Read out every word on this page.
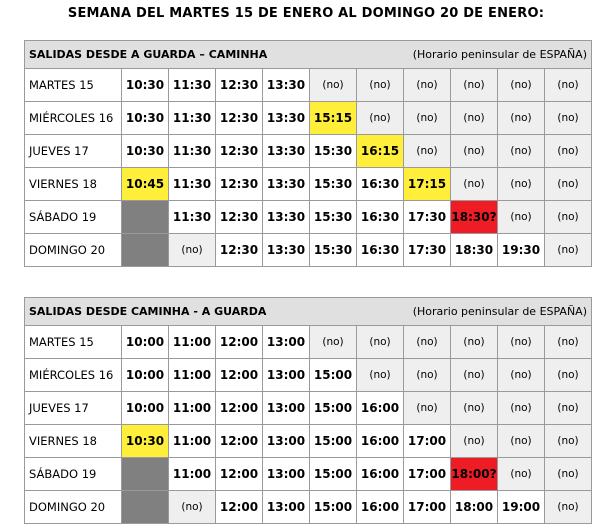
SEMANA DEL MARTES 15 DE ENERO AL DOMINGO 20 DE ENERO:
SALIDAS DESDE A GUARDA – CAMINHA (Horario peninsular de ESPAÑA)										

MARTES 15	10:30	11:30	12:30	13:30	(no)	(no)	(no)	(no)	(no)	(no)
MIÉRCOLES 16	10:30	11:30	12:30	13:30	15:15	(no)	(no)	(no)	(no)	(no)
JUEVES 17	10:30	11:30	12:30	13:30	15:30	16:15	(no)	(no)	(no)	(no)
VIERNES 18	10:45	11:30	12:30	13:30	15:30	16:30	17:15	(no)	(no)	(no)
SÁBADO 19		11:30	12:30	13:30	15:30	16:30	17:30	18:30?	(no)	(no)
DOMINGO 20		(no)	12:30	13:30	15:30	16:30	17:30	18:30	19:30	(no)
SALIDAS DESDE CAMINHA - A GUARDA (Horario peninsular de ESPAÑA)										

MARTES 15	10:00	11:00	12:00	13:00	(no)	(no)	(no)	(no)	(no)	(no)
MIÉRCOLES 16	10:00	11:00	12:00	13:00	15:00	(no)	(no)	(no)	(no)	(no)
JUEVES 17	10:00	11:00	12:00	13:00	15:00	16:00	(no)	(no)	(no)	(no)
VIERNES 18	10:30	11:00	12:00	13:00	15:00	16:00	17:00	(no)	(no)	(no)
SÁBADO 19		11:00	12:00	13:00	15:00	16:00	17:00	18:00?	(no)	(no)
DOMINGO 20		(no)	12:00	13:00	15:00	16:00	17:00	18:00	19:00	(no)
